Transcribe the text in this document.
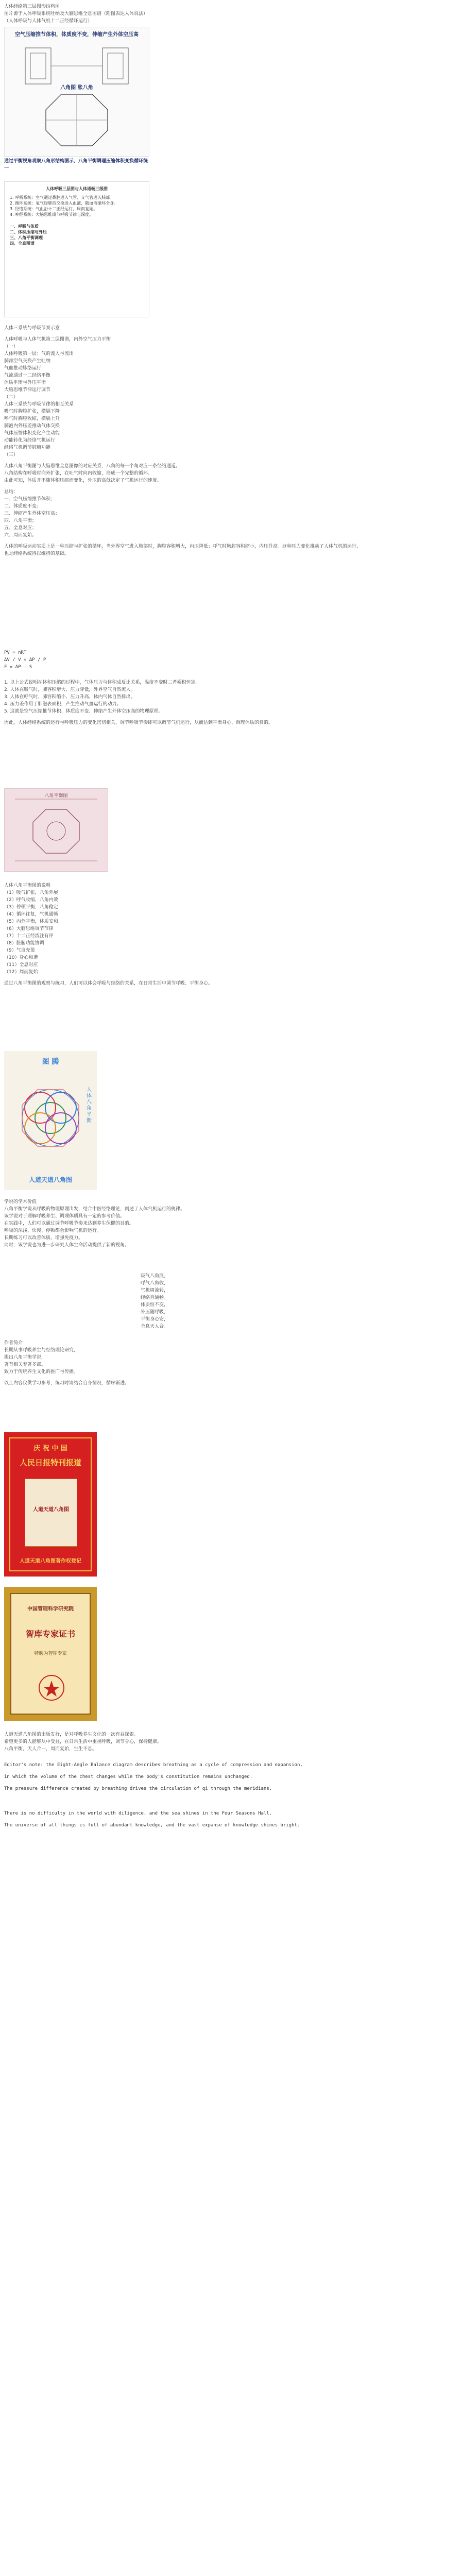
人体经络第三层图形结构图

图片源于人体呼吸系统吐纳及大脑思维全息图谱（附图表达人体说法）

（人体呼吸与人体气机十二正经循环运行）

空气压缩推节体积，体质度不变，伸缩产生外体空压高
八角图 胀八角

通过平衡视角观察八角形结构图示，八角平衡调理压缩体积变换循环统一

人体呼吸三层图与人体通畅三级图
1. 呼吸系统：空气通过鼻腔进入气管、支气管进入肺部。
2. 循环系统：氧气经肺泡交换进入血液，随血液循环全身。
3. 经络系统：气血沿十二正经运行，周而复始。
4. 神经系统：大脑思维调节呼吸节律与深度。
一、呼吸与体质
二、体积压缩与外压
三、八角平衡调理
四、全息图谱

人体三系统与呼吸节奏示意

人体呼吸与人体气机第二层图谱，内外空气压力平衡

（一）

人体呼吸第一层：气的流入与流出

肺部空气交换产生吐纳

气血推动脉络运行

气流通过十二经络平衡

体质平衡与外压平衡

大脑思维节律运行调节

（二）

人体三系统与呼吸节律的相互关系

吸气时胸腔扩张，横膈下降

呼气时胸腔收缩，横膈上升

肺泡内外压差推动气体交换

气体压缩体积变化产生动能

动能转化为经络气机运行

经络气机调节脏腑功能

（三）

人体八角平衡图与大脑思维全息图像的对应关系，八角的每一个角对应一条经络通道。

八角结构在呼吸时向外扩张，在吐气时向内收缩，形成一个完整的循环。

由此可知，体质并不随体积压缩而变化，外压的高低决定了气机运行的速度。

总结：

一、空气压缩推节体积；

二、体质度不变；

三、伸缩产生外体空压高；

四、八角平衡；

五、全息对应；

六、周而复始。

人体的呼吸运动实质上是一种压缩与扩张的循环，当外界空气进入肺部时，胸腔容积增大，内压降低；呼气时胸腔容积缩小，内压升高。这种压力变化推动了人体气机的运行，也是经络系统得以维持的基础。

PV = nRT
ΔV / V = ΔP / P
F = ΔP · S

1. 以上公式说明在体积压缩的过程中，气体压力与体积成反比关系，温度不变时二者乘积恒定。

2. 人体在吸气时，肺容积增大、压力降低，外界空气自然流入。

3. 人体在呼气时，肺容积缩小、压力升高，体内气体自然排出。

4. 压力差作用于肺泡表面积，产生推动气血运行的动力。

5. 这就是空气压缩推节体积、体质度不变、伸缩产生外体空压高的物理原理。

因此，人体经络系统的运行与呼吸压力的变化密切相关，调节呼吸节奏即可以调节气机运行，从而达到平衡身心、调理体质的目的。

八角平衡图

人体八角平衡图的说明

（1）吸气扩张，八角外展

（2）呼气收缩，八角内敛

（3）停顿平衡，八角稳定

（4）循环往复，气机通畅

（5）内外平衡，体质安和

（6）大脑思维调节节律

（7）十二正经流注有序

（8）脏腑功能协调

（9）气血充盈

（10）身心和谐

（11）全息对应

（12）周而复始

通过八角平衡图的观察与练习，人们可以体会呼吸与经络的关系，在日常生活中调节呼吸、平衡身心。

图 腾
人体八角平衡
人道天道八角图

学说的学术价值

八角平衡学说从呼吸的物理原理出发，结合中医经络理论，阐述了人体气机运行的规律。

该学说对于理解呼吸养生、调理体质具有一定的参考价值。

在实践中，人们可以通过调节呼吸节奏来达到养生保健的目的。

呼吸的深浅、快慢、停顿都会影响气机的运行。

长期练习可以改善体质，增强免疫力。

同时，该学说也为进一步研究人体生命活动提供了新的视角。

吸气八角展，

呼气八角收，

气机周流转，

经络自通畅。

体质恒不变，

外压随呼吸，

平衡身心安，

全息天人合。

作者简介

长期从事呼吸养生与经络理论研究，

提出八角平衡学说，

著有相关专著多部。

致力于传统养生文化的推广与传播。

以上内容仅供学习参考，练习时请结合自身情况，循序渐进。

庆 祝 中 国
人民日报特刊报道
人道天道八角图
人道天道八角图著作权登记
中国管理科学研究院
智库专家证书
特聘为智库专家

人道天道八角图的出版发行，是对呼吸养生文化的一次有益探索。

希望更多的人能够从中受益，在日常生活中重视呼吸，调节身心，保持健康。

八角平衡，天人合一，周而复始，生生不息。

Editor's note: the Eight-Angle Balance diagram describes breathing as a cycle of compression and expansion,

in which the volume of the chest changes while the body's constitution remains unchanged.

The pressure difference created by breathing drives the circulation of qi through the meridians.

There is no difficulty in the world with diligence, and the sea shines in the Four Seasons Hall.

The universe of all things is full of abundant knowledge, and the vast expanse of knowledge shines bright.
